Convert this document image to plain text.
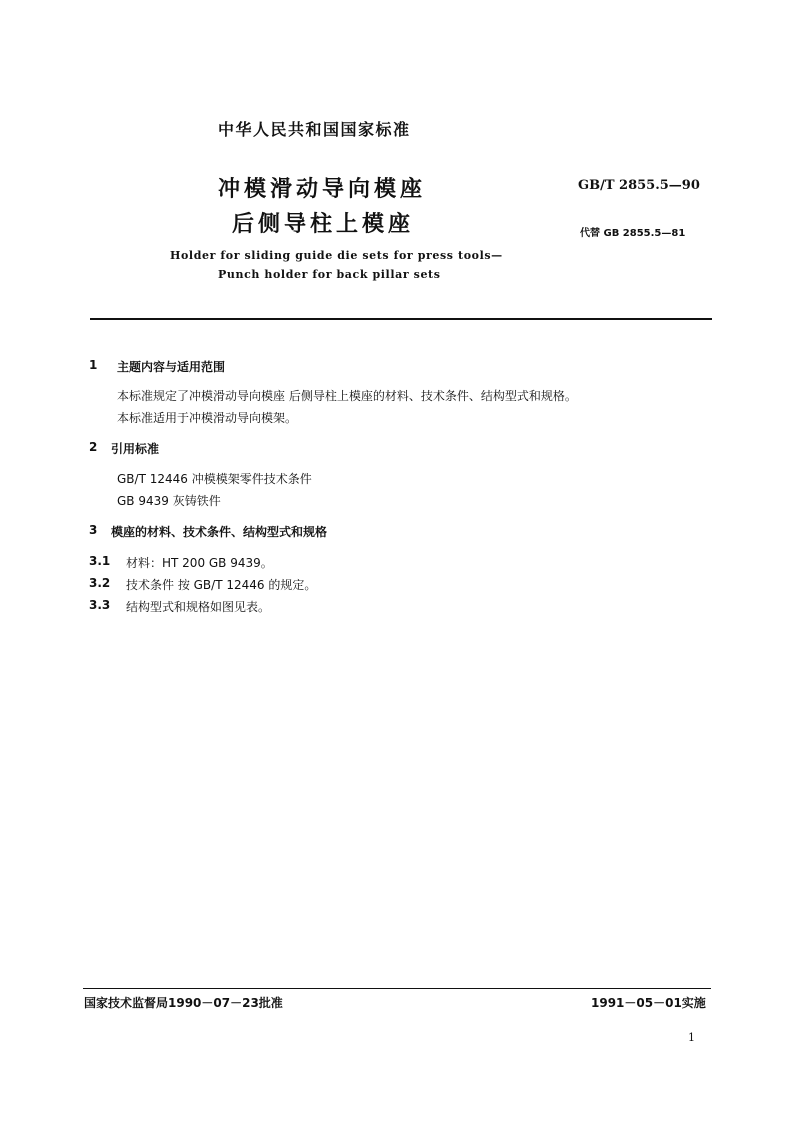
中华人民共和国国家标准
冲模滑动导向模座
后侧导柱上模座
GB/T 2855.5—90
代替 GB 2855.5—81
Holder for sliding guide die sets for press tools—
Punch holder for back pillar sets
1 主题内容与适用范围
本标准规定了冲模滑动导向模座 后侧导柱上模座的材料、技术条件、结构型式和规格。
本标准适用于冲模滑动导向模架。
2 引用标准
GB/T 12446 冲模模架零件技术条件
GB 9439 灰铸铁件
3 模座的材料、技术条件、结构型式和规格
3.1 材料：HT 200 GB 9439。
3.2 技术条件 按 GB/T 12446 的规定。
3.3 结构型式和规格如图见表。
国家技术监督局1990－07－23批准	1991－05－01实施
1
